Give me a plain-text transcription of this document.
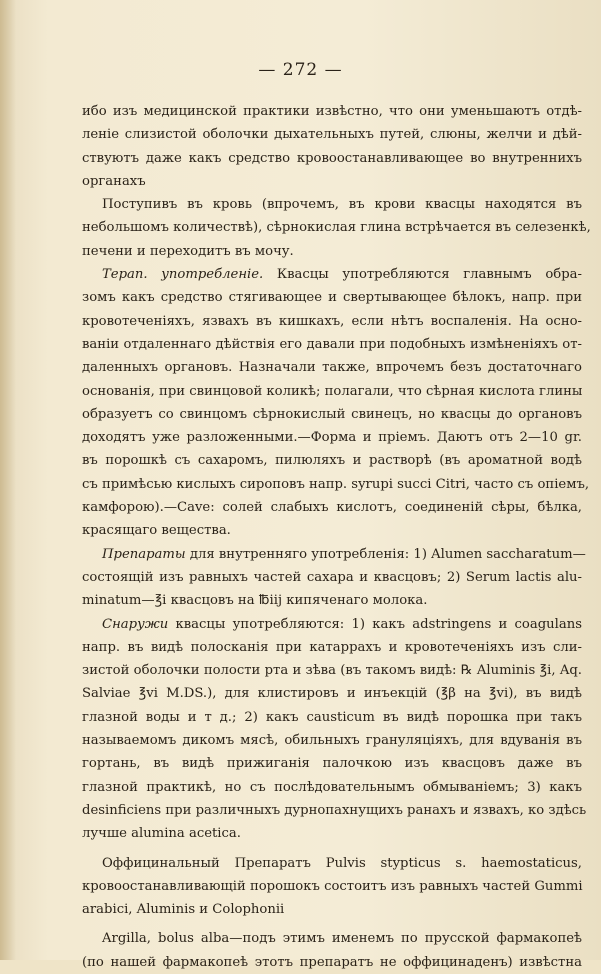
— 272 —
ибо изъ медицинской практики извѣстно, что они уменьшаютъ отдѣ-
леніе слизистой оболочки дыхательныхъ путей, слюны, желчи и дѣй-
ствуютъ даже какъ средство кровоостанавливающее во внутреннихъ
органахъ
Поступивъ въ кровь (впрочемъ, въ крови квасцы находятся въ
небольшомъ количествѣ), сѣрнокислая глина встрѣчается въ селезенкѣ,
печени и переходитъ въ мочу.
Терап. употребленіе. Квасцы употребляются главнымъ обра-
зомъ какъ средство стягивающее и свертывающее бѣлокъ, напр. при
кровотеченіяхъ, язвахъ въ кишкахъ, если нѣтъ воспаленія. На осно-
ваніи отдаленнаго дѣйствія его давали при подобныхъ измѣненіяхъ от-
даленныхъ органовъ. Назначали также, впрочемъ безъ достаточнаго
основанія, при свинцовой коликѣ; полагали, что сѣрная кислота глины
образуетъ со свинцомъ сѣрнокислый свинецъ, но квасцы до органовъ
доходятъ уже разложенными.—Форма и пріемъ. Даютъ отъ 2—10 gr.
въ порошкѣ съ сахаромъ, пилюляхъ и растворѣ (въ ароматной водѣ
съ примѣсью кислыхъ сироповъ напр. syrupi succi Citri, часто съ опіемъ,
камфорою).—Cave: солей слабыхъ кислотъ, соединеній сѣры, бѣлка,
красящаго вещества.
Препараты для внутренняго употребленія: 1) Alumen saccharatum—
состоящій изъ равныхъ частей сахара и квасцовъ; 2) Serum lactis alu-
minatum—℥i квасцовъ на ℔iij кипяченаго молока.
Снаружи квасцы употребляются: 1) какъ adstringens и coagulans
напр. въ видѣ полосканія при катаррахъ и кровотеченіяхъ изъ сли-
зистой оболочки полости рта и зѣва (въ такомъ видѣ: ℞ Aluminis ℥i, Aq.
Salviae ℥vi M.DS.), для клистировъ и инъекцій (℥β на ℥vi), въ видѣ
глазной воды и т д.; 2) какъ causticum въ видѣ порошка при такъ
называемомъ дикомъ мясѣ, обильныхъ грануляціяхъ, для вдуванія въ
гортань, въ видѣ прижиганія палочкою изъ квасцовъ даже въ
глазной практикѣ, но съ послѣдовательнымъ обмываніемъ; 3) какъ
desinficiens при различныхъ дурнопахнущихъ ранахъ и язвахъ, ко здѣсь
лучше alumina acetica.
Оффицинальный Препаратъ Pulvis stypticus s. haemostaticus,
кровоостанавливающій порошокъ состоитъ изъ равныхъ частей Gummi
arabici, Aluminis и Colophonii
Argilla, bolus alba—подъ этимъ именемъ по прусской фармакопеѣ
(по нашей фармакопеѣ этотъ препаратъ не оффицинаденъ) извѣстна
